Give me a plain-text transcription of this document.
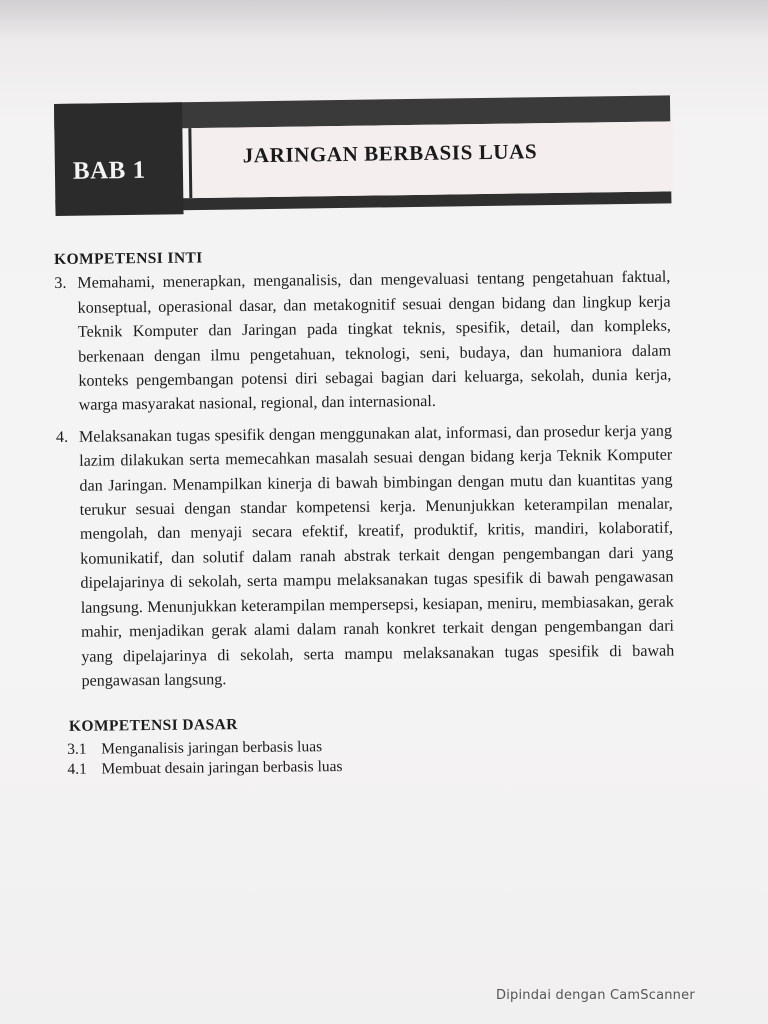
BAB 1
JARINGAN BERBASIS LUAS
KOMPETENSI INTI
3. Memahami, menerapkan, menganalisis, dan mengevaluasi tentang pengetahuan faktual, konseptual, operasional dasar, dan metakognitif sesuai dengan bidang dan lingkup kerja Teknik Komputer dan Jaringan pada tingkat teknis, spesifik, detail, dan kompleks, berkenaan dengan ilmu pengetahuan, teknologi, seni, budaya, dan humaniora dalam konteks pengembangan potensi diri sebagai bagian dari keluarga, sekolah, dunia kerja, warga masyarakat nasional, regional, dan internasional.
4. Melaksanakan tugas spesifik dengan menggunakan alat, informasi, dan prosedur kerja yang lazim dilakukan serta memecahkan masalah sesuai dengan bidang kerja Teknik Komputer dan Jaringan. Menampilkan kinerja di bawah bimbingan dengan mutu dan kuantitas yang terukur sesuai dengan standar kompetensi kerja. Menunjukkan keterampilan menalar, mengolah, dan menyaji secara efektif, kreatif, produktif, kritis, mandiri, kolaboratif, komunikatif, dan solutif dalam ranah abstrak terkait dengan pengembangan dari yang dipelajarinya di sekolah, serta mampu melaksanakan tugas spesifik di bawah pengawasan langsung. Menunjukkan keterampilan mempersepsi, kesiapan, meniru, membiasakan, gerak mahir, menjadikan gerak alami dalam ranah konkret terkait dengan pengembangan dari yang dipelajarinya di sekolah, serta mampu melaksanakan tugas spesifik di bawah pengawasan langsung.
KOMPETENSI DASAR
3.1 Menganalisis jaringan berbasis luas
4.1 Membuat desain jaringan berbasis luas
Dipindai dengan CamScanner
